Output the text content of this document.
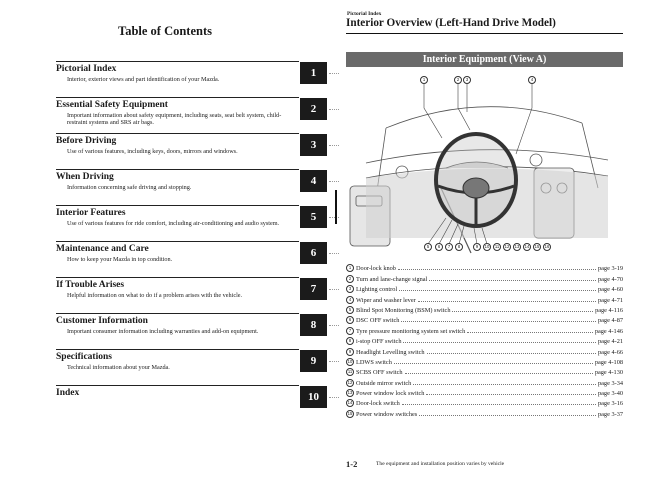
Table of Contents
Pictorial Index
Interior, exterior views and part identification of your Mazda.
1
Essential Safety Equipment
Important information about safety equipment, including seats, seat belt system, child-restraint systems and SRS air bags.
2
Before Driving
Use of various features, including keys, doors, mirrors and windows.
3
When Driving
Information concerning safe driving and stopping.
4
Interior Features
Use of various features for ride comfort, including air-conditioning and audio system.
5
Maintenance and Care
How to keep your Mazda in top condition.
6
If Trouble Arises
Helpful information on what to do if a problem arises with the vehicle.
7
Customer Information
Important consumer information including warranties and add-on equipment.
8
Specifications
Technical information about your Mazda.
9
Index	10
Pictorial Index
Interior Overview (Left-Hand Drive Model)
Interior Equipment (View A)
1	2	3	4
5	6	7	8	9	10	11	12	13	14	15	16
1 Door-lock knob	page 3-19
2 Turn and lane-change signal	page 4-70
3 Lighting control	page 4-60
4 Wiper and washer lever	page 4-71
5 Blind Spot Monitoring (BSM) switch	page 4-116
6 DSC OFF switch	page 4-87
7 Tyre pressure monitoring system set switch	page 4-146
8 i-stop OFF switch	page 4-21
9 Headlight Levelling switch	page 4-66
10 LDWS switch	page 4-108
11 SCBS OFF switch	page 4-130
12 Outside mirror switch	page 3-34
13 Power window lock switch	page 3-40
14 Door-lock switch	page 3-16
15 Power window switches	page 3-37
1-2	The equipment and installation position varies by vehicle
